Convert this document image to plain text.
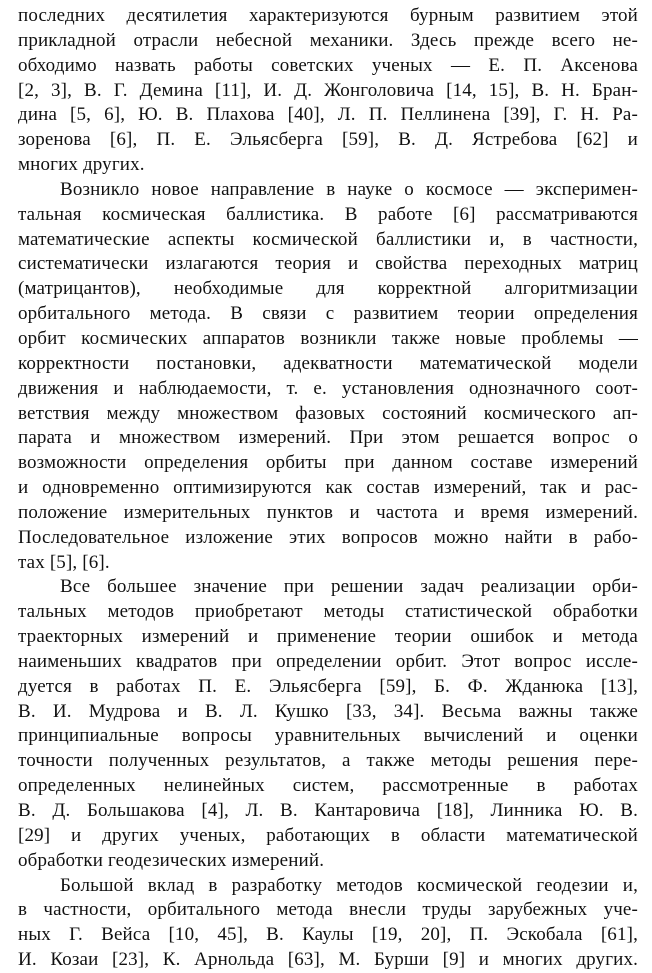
последних десятилетия характеризуются бурным развитием этой
прикладной отрасли небесной механики. Здесь прежде всего не-
обходимо назвать работы советских ученых — Е. П. Аксенова
[2, 3], В. Г. Демина [11], И. Д. Жонголовича [14, 15], В. Н. Бран-
дина [5, 6], Ю. В. Плахова [40], Л. П. Пеллинена [39], Г. Н. Ра-
зоренова [6], П. Е. Эльясберга [59], В. Д. Ястребова [62] и
многих других.

Возникло новое направление в науке о космосе — эксперимен-
тальная космическая баллистика. В работе [6] рассматриваются
математические аспекты космической баллистики и, в частности,
систематически излагаются теория и свойства переходных матриц
(матрицантов), необходимые для корректной алгоритмизации
орбитального метода. В связи с развитием теории определения
орбит космических аппаратов возникли также новые проблемы —
корректности постановки, адекватности математической модели
движения и наблюдаемости, т. е. установления однозначного соот-
ветствия между множеством фазовых состояний космического ап-
парата и множеством измерений. При этом решается вопрос о
возможности определения орбиты при данном составе измерений
и одновременно оптимизируются как состав измерений, так и рас-
положение измерительных пунктов и частота и время измерений.
Последовательное изложение этих вопросов можно найти в рабо-
тах [5], [6].

Все большее значение при решении задач реализации орби-
тальных методов приобретают методы статистической обработки
траекторных измерений и применение теории ошибок и метода
наименьших квадратов при определении орбит. Этот вопрос иссле-
дуется в работах П. Е. Эльясберга [59], Б. Ф. Жданюка [13],
В. И. Мудрова и В. Л. Кушко [33, 34]. Весьма важны также
принципиальные вопросы уравнительных вычислений и оценки
точности полученных результатов, а также методы решения пере-
определенных нелинейных систем, рассмотренные в работах
В. Д. Большакова [4], Л. В. Кантаровича [18], Линника Ю. В.
[29] и других ученых, работающих в области математической
обработки геодезических измерений.

Большой вклад в разработку методов космической геодезии и,
в частности, орбитального метода внесли труды зарубежных уче-
ных Г. Вейса [10, 45], В. Каулы [19, 20], П. Эскобала [61],
И. Козаи [23], К. Арнольда [63], М. Бурши [9] и многих других.
